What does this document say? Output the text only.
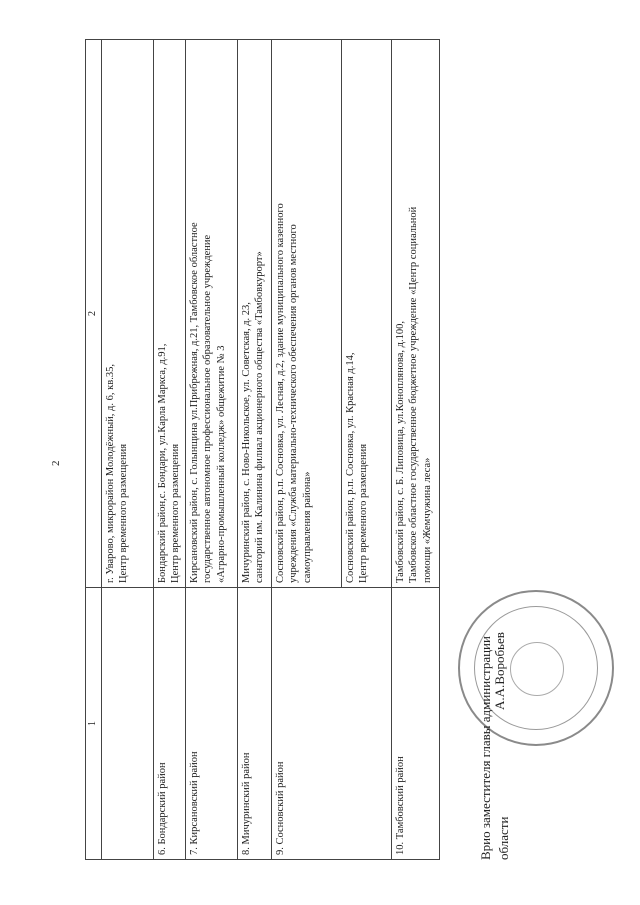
2
1	2

	г. Уварово, микрорайон Молодёжный, д. 6, кв.35, Центр временного размещения

6. Бондарский район	Бондарский район,с. Бондари, ул.Карла Маркса, д.91, Центр временного размещения

7. Кирсановский район	Кирсановский район, с. Голынщина ул.Прибрежная, д.21, Тамбовское областное государственное автономное профессиональное образовательное учреждение «Аграрно-промышленный колледж» общежитие № 3

8. Мичуринский район	Мичуринский район, с. Ново-Никольское, ул. Советская, д. 23, санаторий им. Калинина филиал акционерного общества «Тамбовкурорт»

9. Сосновский район	Сосновский район, р.п. Сосновка, ул. Лесная, д.2, здание муниципального казенного учреждения «Служба материально-технического обеспечения органов местного самоуправления района»

	Сосновский район, р.п. Сосновка, ул. Красная д.14, Центр временного размещения

10. Тамбовский район	Тамбовский район, с. Б. Липовица, ул.Коноплянова, д.100, Тамбовское областное государственное бюджетное учреждение «Центр социальной помощи «Жемчужина леса»
Врио заместителя главы администрации области
А.А.Воробьев
